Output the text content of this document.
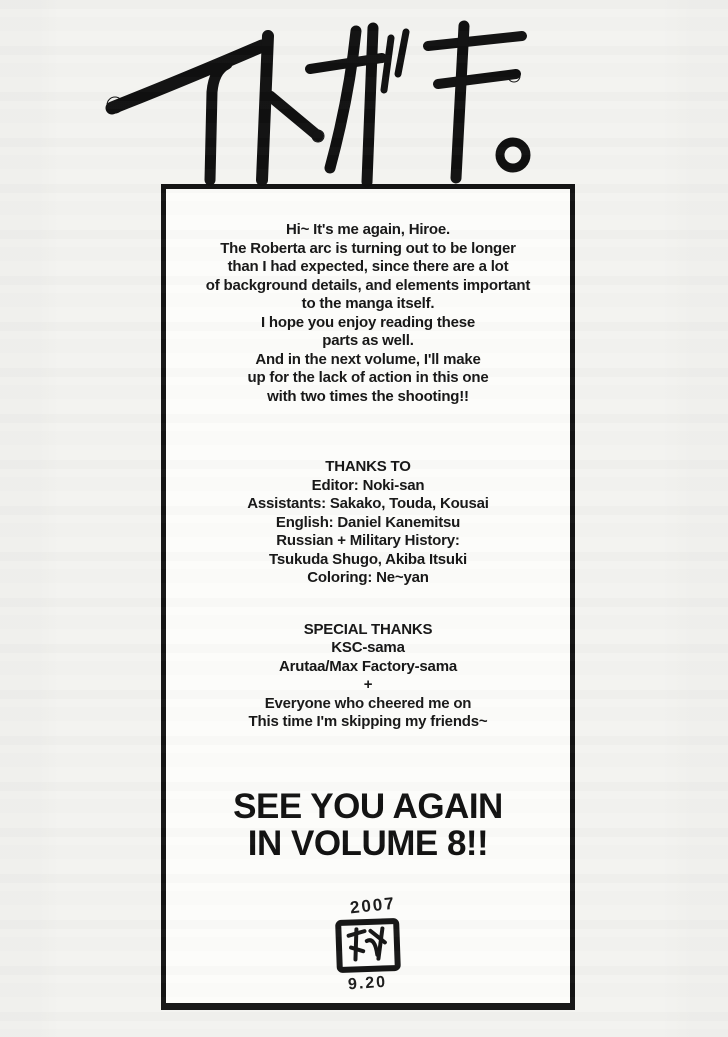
Hi~ It's me again, Hiroe.
The Roberta arc is turning out to be longer
than I had expected, since there are a lot
of background details, and elements important
to the manga itself.
I hope you enjoy reading these
parts as well.
And in the next volume, I'll make
up for the lack of action in this one
with two times the shooting!!
THANKS TO
Editor: Noki-san
Assistants: Sakako, Touda, Kousai
English: Daniel Kanemitsu
Russian + Military History:
Tsukuda Shugo, Akiba Itsuki
Coloring: Ne~yan
SPECIAL THANKS
KSC-sama
Arutaa/Max Factory-sama
+
Everyone who cheered me on
This time I'm skipping my friends~
SEE YOU AGAIN
IN VOLUME 8!!
2007
9.20
